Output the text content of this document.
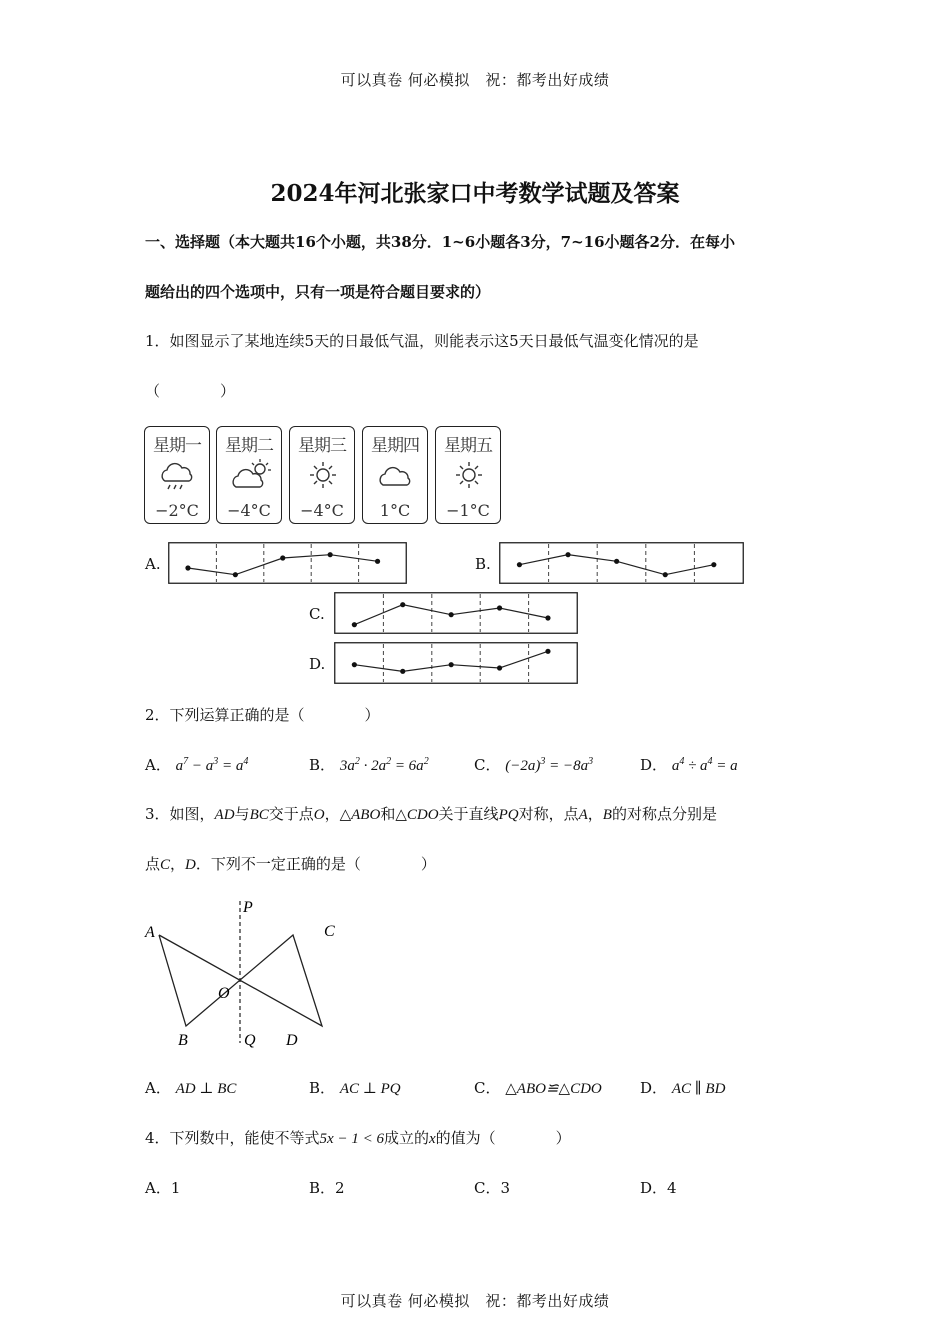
可以真卷 何必模拟　祝：都考出好成绩
2024年河北张家口中考数学试题及答案
一、选择题（本大题共16个小题，共38分．1~6小题各3分，7~16小题各2分．在每小
题给出的四个选项中，只有一项是符合题目要求的）
1．如图显示了某地连续5天的日最低气温，则能表示这5天日最低气温变化情况的是
（　　　　）
星期一
−2°C
星期二
−4°C
星期三
−4°C
星期四
1°C
星期五
−1°C
A.	B.
C.
D.
2．下列运算正确的是（　　　　）
A． $a^7 - a^3 = a^4$	B． $3a^2 \cdot 2a^2 = 6a^2$	C． $(-2a)^3 = -8a^3$	D． $a^4 \div a^4 = a$
3．如图，AD与BC交于点O，△ABO和△CDO关于直线PQ对称，点A，B的对称点分别是
点C，D．下列不一定正确的是（　　　　）
P
A	C
O
B	Q D
A． AD ⊥ BC	B． AC ⊥ PQ	C． △ABO≌△CDO	D． AC ∥ BD
4．下列数中，能使不等式5x − 1 < 6成立的x的值为（　　　　）
A．1	B．2	C．3	D．4
可以真卷 何必模拟　祝：都考出好成绩
